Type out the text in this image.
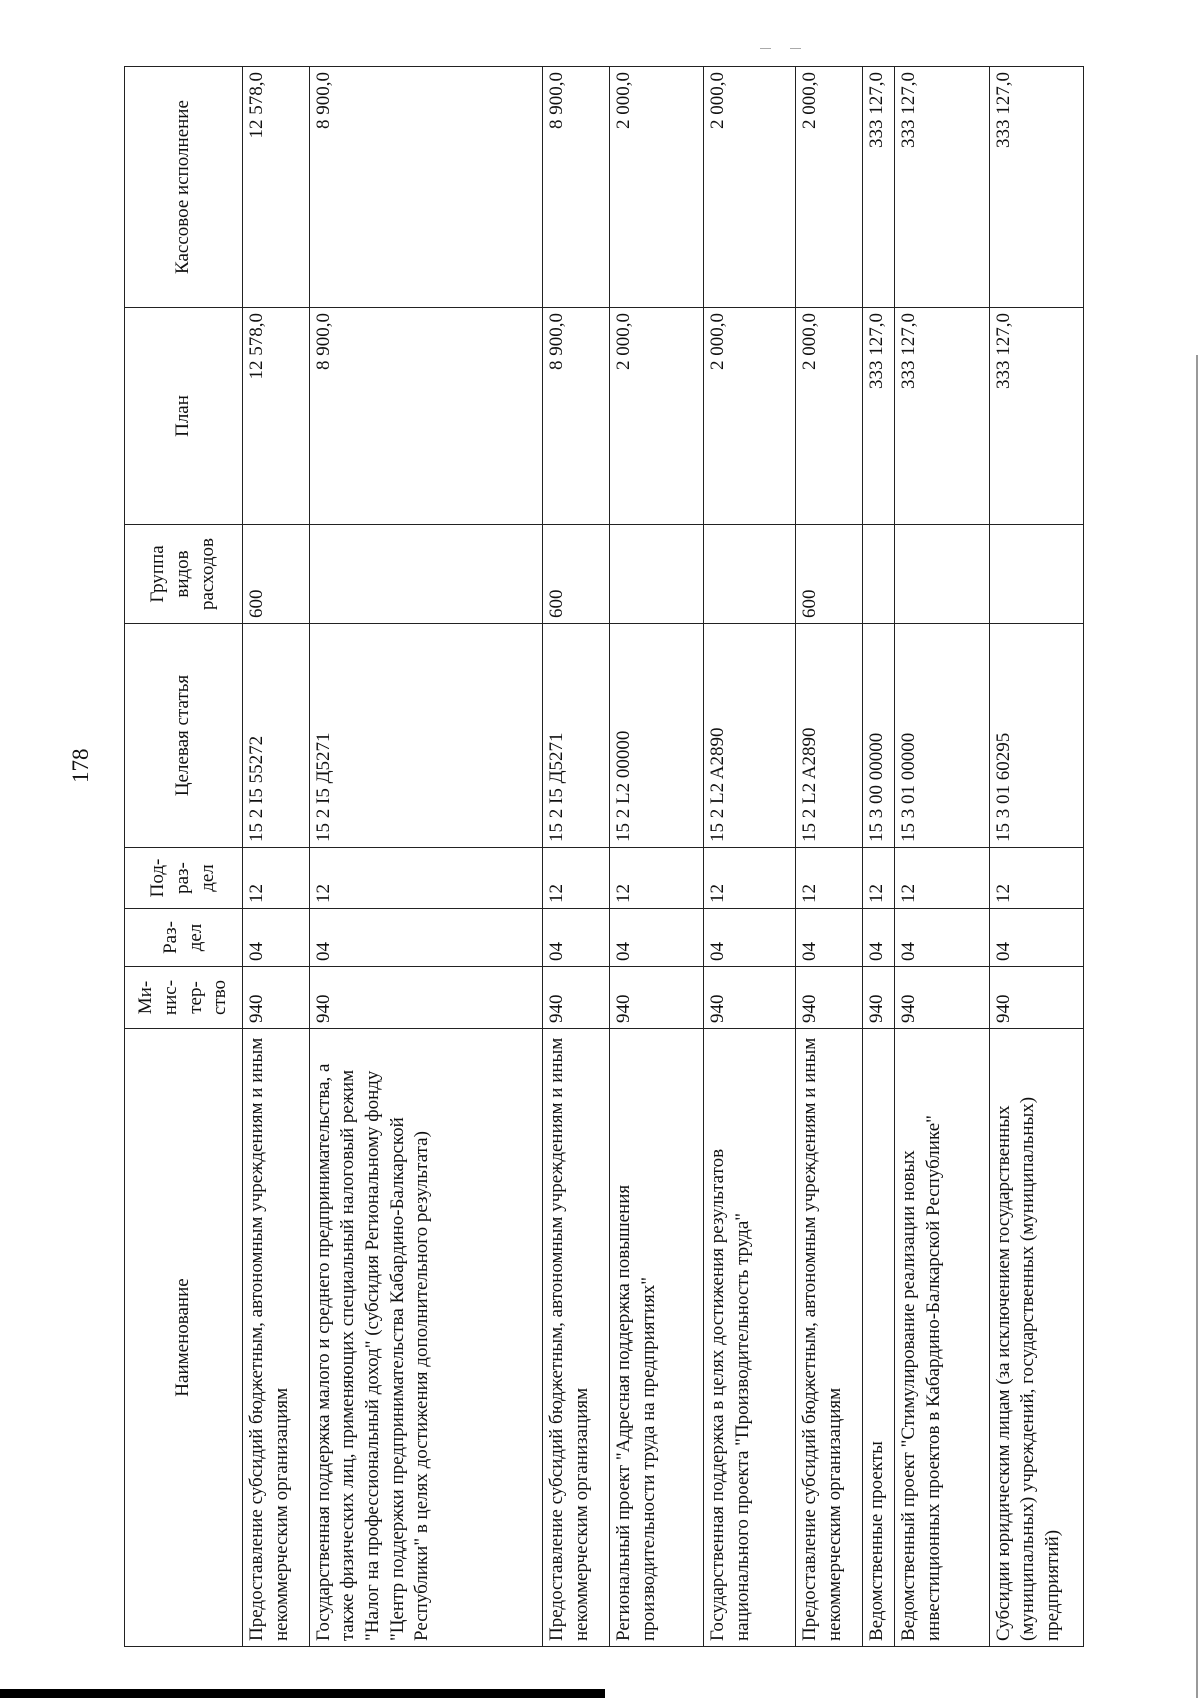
178
Наименование	Ми-нис-тер-ство	Раз-дел	Под-раз-дел	Целевая статья	Группа видов расходов	План	Кассовое исполнение
Предоставление субсидий бюджетным, автономным учреждениям и иным некоммерческим организациям	940	04	12	15 2 I5 55272	600	12 578,0	12 578,0
Государственная поддержка малого и среднего предпринимательства, а также физических лиц, применяющих специальный налоговый режим "Налог на профессиональный доход" (субсидия Региональному фонду "Центр поддержки предпринимательства Кабардино-Балкарской Республики" в целях достижения дополнительного результата)	940	04	12	15 2 I5 Д5271		8 900,0	8 900,0
Предоставление субсидий бюджетным, автономным учреждениям и иным некоммерческим организациям	940	04	12	15 2 I5 Д5271	600	8 900,0	8 900,0
Региональный проект "Адресная поддержка повышения производительности труда на предприятиях"	940	04	12	15 2 L2 00000		2 000,0	2 000,0
Государственная поддержка в целях достижения результатов национального проекта "Производительность труда"	940	04	12	15 2 L2 A2890		2 000,0	2 000,0
Предоставление субсидий бюджетным, автономным учреждениям и иным некоммерческим организациям	940	04	12	15 2 L2 A2890	600	2 000,0	2 000,0
Ведомственные проекты	940	04	12	15 3 00 00000		333 127,0	333 127,0
Ведомственный проект "Стимулирование реализации новых инвестиционных проектов в Кабардино-Балкарской Республике"	940	04	12	15 3 01 00000		333 127,0	333 127,0
Субсидии юридическим лицам (за исключением государственных (муниципальных) учреждений, государственных (муниципальных) предприятий)	940	04	12	15 3 01 60295		333 127,0	333 127,0
